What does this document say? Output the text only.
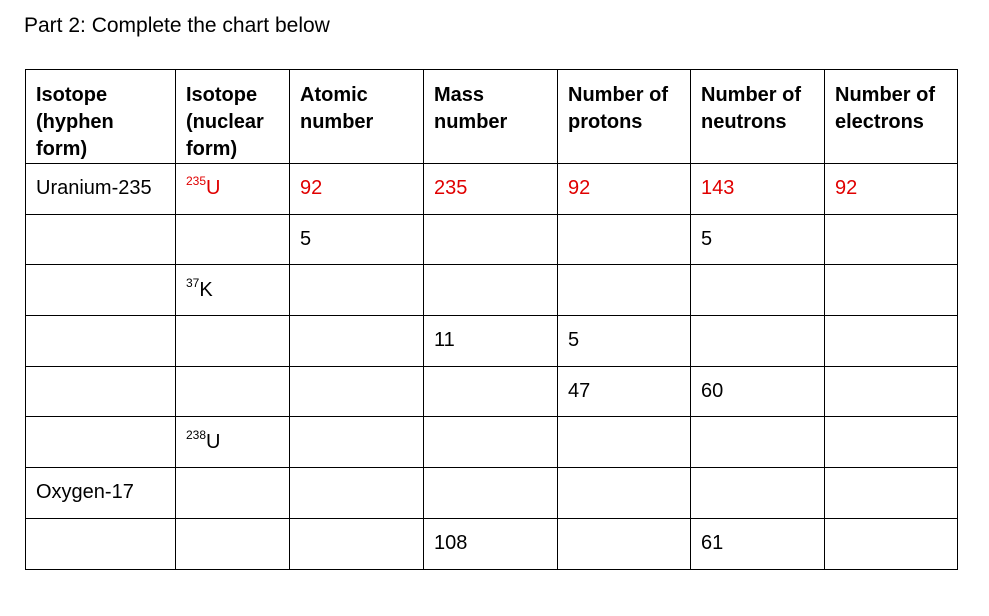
Part 2: Complete the chart below
Isotope
(hyphen
form)	Isotope
(nuclear
form)	Atomic
number	Mass
number	Number of
protons	Number of
neutrons	Number of
electrons
Uranium-235	$^{235}$U	92	235	92	143	92
		5			5	
	$^{37}$K					
			11	5		
				47	60	
	$^{238}$U					
Oxygen-17						
			108		61	
